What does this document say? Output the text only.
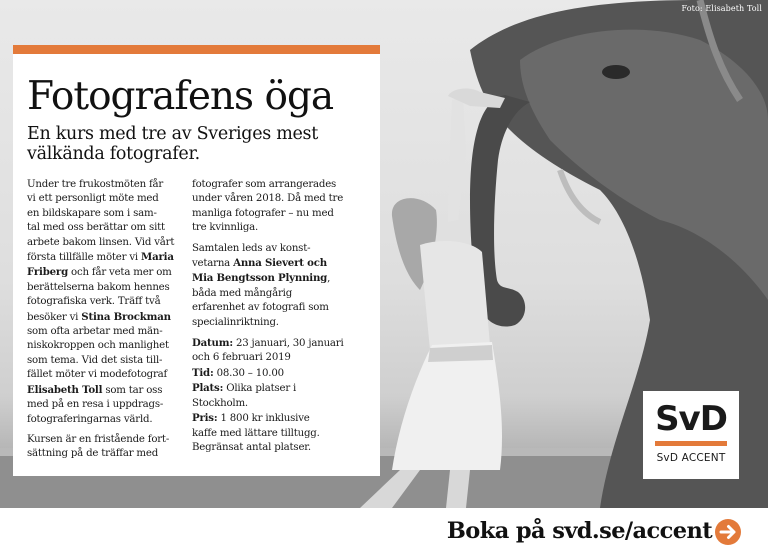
Foto: Elisabeth Toll
Fotografens öga

En kurs med tre av Sveriges mest välkända fotografer.

Under tre frukostmöten får
vi ett personligt möte med
en bildskapare som i sam-
tal med oss berättar om sitt
arbete bakom linsen. Vid vårt
första tillfälle möter vi Maria
Friberg och får veta mer om
berättelserna bakom hennes
fotografiska verk. Träff två
besöker vi Stina Brockman
som ofta arbetar med män-
niskokroppen och manlighet
som tema. Vid det sista till-
fället möter vi modefotograf
Elisabeth Toll som tar oss
med på en resa i uppdrags-
fotograferingarnas värld.
Kursen är en fristående fort-
sättning på de träffar med
fotografer som arrangerades
under våren 2018. Då med tre
manliga fotografer – nu med
tre kvinnliga.
Samtalen leds av konst-
vetarna Anna Sievert och
Mia Bengtsson Plynning,
båda med mångårig
erfarenhet av fotografi som
specialinriktning.
Datum: 23 januari, 30 januari
och 6 februari 2019
Tid: 08.30 – 10.00
Plats: Olika platser i
Stockholm.
Pris: 1 800 kr inklusive
kaffe med lättare tilltugg.
Begränsat antal platser.
SvD
SvD ACCENT
Boka på svd.se/accent
